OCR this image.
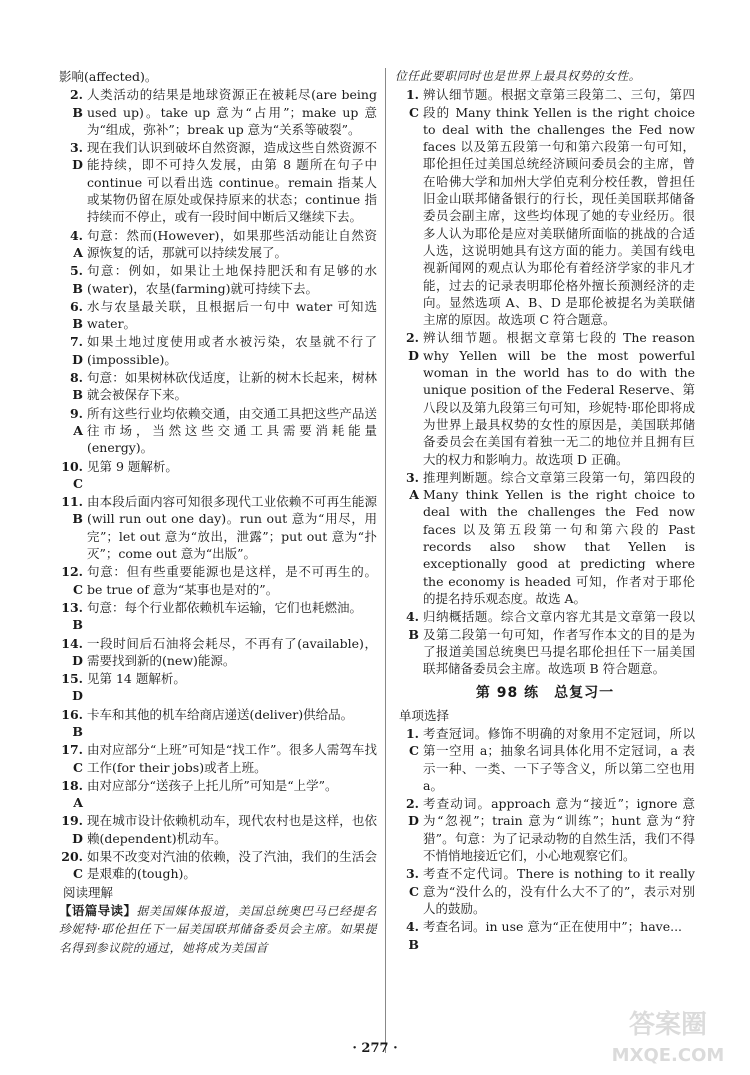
影响(affected)。

2. B
人类活动的结果是地球资源正在被耗尽(are being used up)。take up 意为“占用”；make up 意为“组成，弥补”；break up 意为“关系等破裂”。
3. D
现在我们认识到破坏自然资源，造成这些自然资源不能持续，即不可持久发展，由第 8 题所在句子中 continue 可以看出选 continue。remain 指某人或某物仍留在原处或保持原来的状态；continue 指持续而不停止，或有一段时间中断后又继续下去。
4. A
句意：然而(However)，如果那些活动能让自然资源恢复的话，那就可以持续发展了。
5. B
句意：例如，如果让土地保持肥沃和有足够的水(water)，农垦(farming)就可持续下去。
6. B
水与农垦最关联，且根据后一句中 water 可知选 water。
7. D
如果土地过度使用或者水被污染，农垦就不行了(impossible)。
8. B
句意：如果树林砍伐适度，让新的树木长起来，树林就会被保存下来。
9. A
所有这些行业均依赖交通，由交通工具把这些产品送往市场，当然这些交通工具需要消耗能量(energy)。
10. C
见第 9 题解析。
11. B
由本段后面内容可知很多现代工业依赖不可再生能源(will run out one day)。run out 意为“用尽，用完”；let out 意为“放出，泄露”；put out 意为“扑灭”；come out 意为“出版”。
12. C
句意：但有些重要能源也是这样，是不可再生的。be true of 意为“某事也是对的”。
13. B
句意：每个行业都依赖机车运输，它们也耗燃油。
14. D
一段时间后石油将会耗尽，不再有了(available)，需要找到新的(new)能源。
15. D
见第 14 题解析。
16. B
卡车和其他的机车给商店递送(deliver)供给品。
17. C
由对应部分“上班”可知是“找工作”。很多人需驾车找工作(for their jobs)或者上班。
18. A
由对应部分“送孩子上托儿所”可知是“上学”。
19. D
现在城市设计依赖机动车，现代农村也是这样，也依赖(dependent)机动车。
20. C
如果不改变对汽油的依赖，没了汽油，我们的生活会是艰难的(tough)。
阅读理解

【语篇导读】据美国媒体报道，美国总统奥巴马已经提名珍妮特·耶伦担任下一届美国联邦储备委员会主席。如果提名得到参议院的通过，她将成为美国首

位任此要职同时也是世界上最具权势的女性。

1. C
辨认细节题。根据文章第三段第二、三句，第四段的 Many think Yellen is the right choice to deal with the challenges the Fed now faces 以及第五段第一句和第六段第一句可知，耶伦担任过美国总统经济顾问委员会的主席，曾在哈佛大学和加州大学伯克利分校任教，曾担任旧金山联邦储备银行的行长，现任美国联邦储备委员会副主席，这些均体现了她的专业经历。很多人认为耶伦是应对美联储所面临的挑战的合适人选，这说明她具有这方面的能力。美国有线电视新闻网的观点认为耶伦有着经济学家的非凡才能，过去的记录表明耶伦格外擅长预测经济的走向。显然选项 A、B、D 是耶伦被提名为美联储主席的原因。故选项 C 符合题意。
2. D
辨认细节题。根据文章第七段的 The reason why Yellen will be the most powerful woman in the world has to do with the unique position of the Federal Reserve、第八段以及第九段第三句可知，珍妮特·耶伦即将成为世界上最具权势的女性的原因是，美国联邦储备委员会在美国有着独一无二的地位并且拥有巨大的权力和影响力。故选项 D 正确。
3. A
推理判断题。综合文章第三段第一句，第四段的 Many think Yellen is the right choice to deal with the challenges the Fed now faces 以及第五段第一句和第六段的 Past records also show that Yellen is exceptionally good at predicting where the economy is headed 可知，作者对于耶伦的提名持乐观态度。故选 A。
4. B
归纳概括题。综合文章内容尤其是文章第一段以及第二段第一句可知，作者写作本文的目的是为了报道美国总统奥巴马提名耶伦担任下一届美国联邦储备委员会主席。故选项 B 符合题意。
第 98 练　总复习一
单项选择
1. C
考查冠词。修饰不明确的对象用不定冠词，所以第一空用 a；抽象名词具体化用不定冠词，a 表示一种、一类、一下子等含义，所以第二空也用 a。
2. D
考查动词。approach 意为“接近”；ignore 意为“忽视”；train 意为“训练”；hunt 意为“狩猎”。句意：为了记录动物的自然生活，我们不得不悄悄地接近它们，小心地观察它们。
3. C
考查不定代词。There is nothing to it really 意为“没什么的，没有什么大不了的”，表示对别人的鼓励。
4. B
考查名词。in use 意为“正在使用中”；have...
· 277 ·
答案圈
MXQE.COM
